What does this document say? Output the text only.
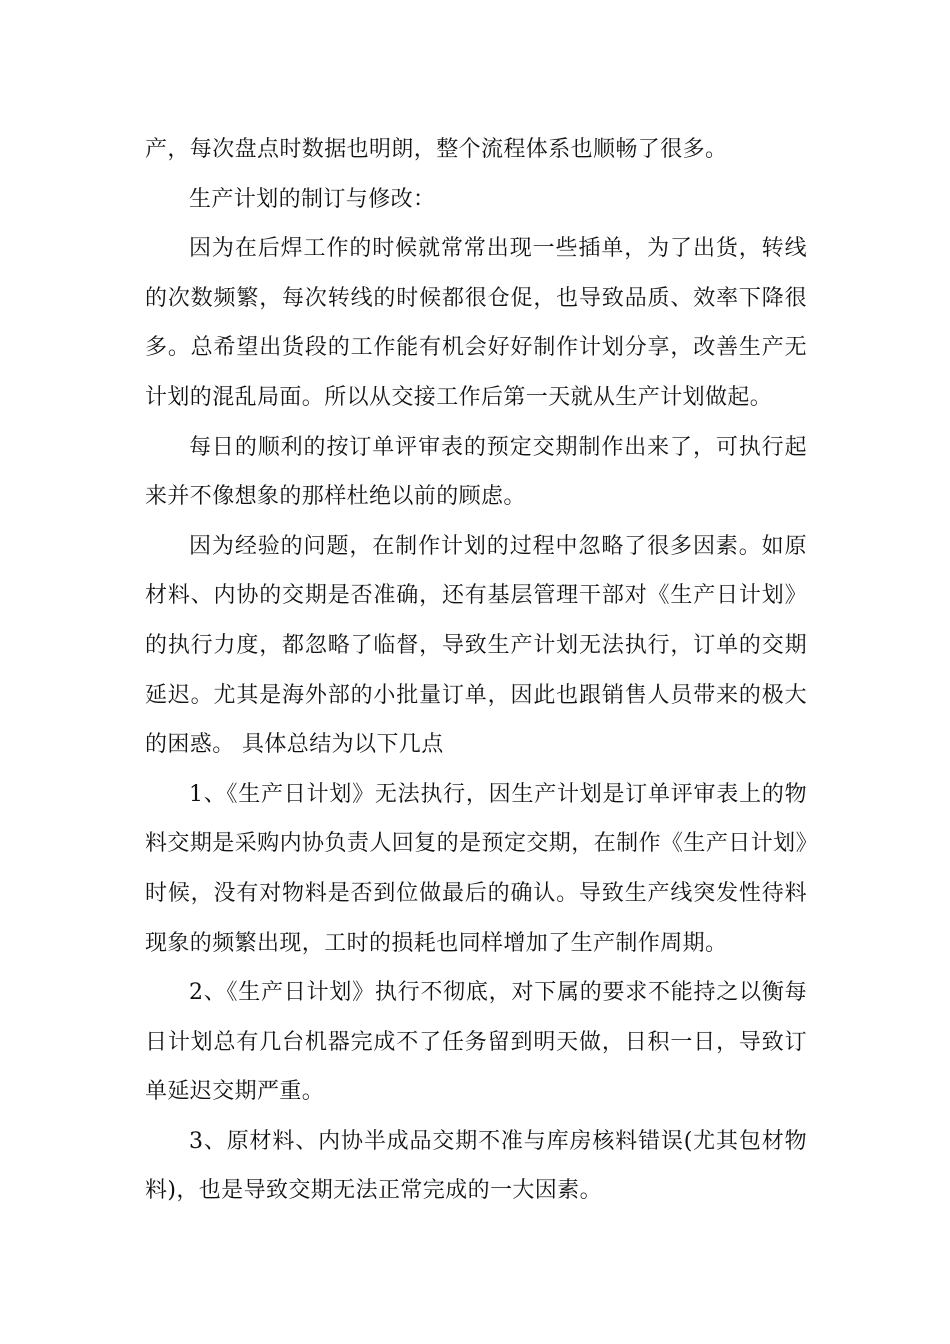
产，每次盘点时数据也明朗，整个流程体系也顺畅了很多。

生产计划的制订与修改：

因为在后焊工作的时候就常常出现一些插单，为了出货，转线的次数频繁，每次转线的时候都很仓促，也导致品质、效率下降很多。总希望出货段的工作能有机会好好制作计划分享，改善生产无计划的混乱局面。所以从交接工作后第一天就从生产计划做起。

每日的顺利的按订单评审表的预定交期制作出来了，可执行起来并不像想象的那样杜绝以前的顾虑。

因为经验的问题，在制作计划的过程中忽略了很多因素。如原材料、内协的交期是否准确，还有基层管理干部对《生产日计划》的执行力度，都忽略了临督，导致生产计划无法执行，订单的交期延迟。尤其是海外部的小批量订单，因此也跟销售人员带来的极大的困惑。 具体总结为以下几点

1、《生产日计划》无法执行，因生产计划是订单评审表上的物料交期是采购内协负责人回复的是预定交期，在制作《生产日计划》时候，没有对物料是否到位做最后的确认。导致生产线突发性待料现象的频繁出现，工时的损耗也同样增加了生产制作周期。

2、《生产日计划》执行不彻底，对下属的要求不能持之以衡每日计划总有几台机器完成不了任务留到明天做，日积一日，导致订单延迟交期严重。

3、原材料、内协半成品交期不准与库房核料错误(尤其包材物料)，也是导致交期无法正常完成的一大因素。
